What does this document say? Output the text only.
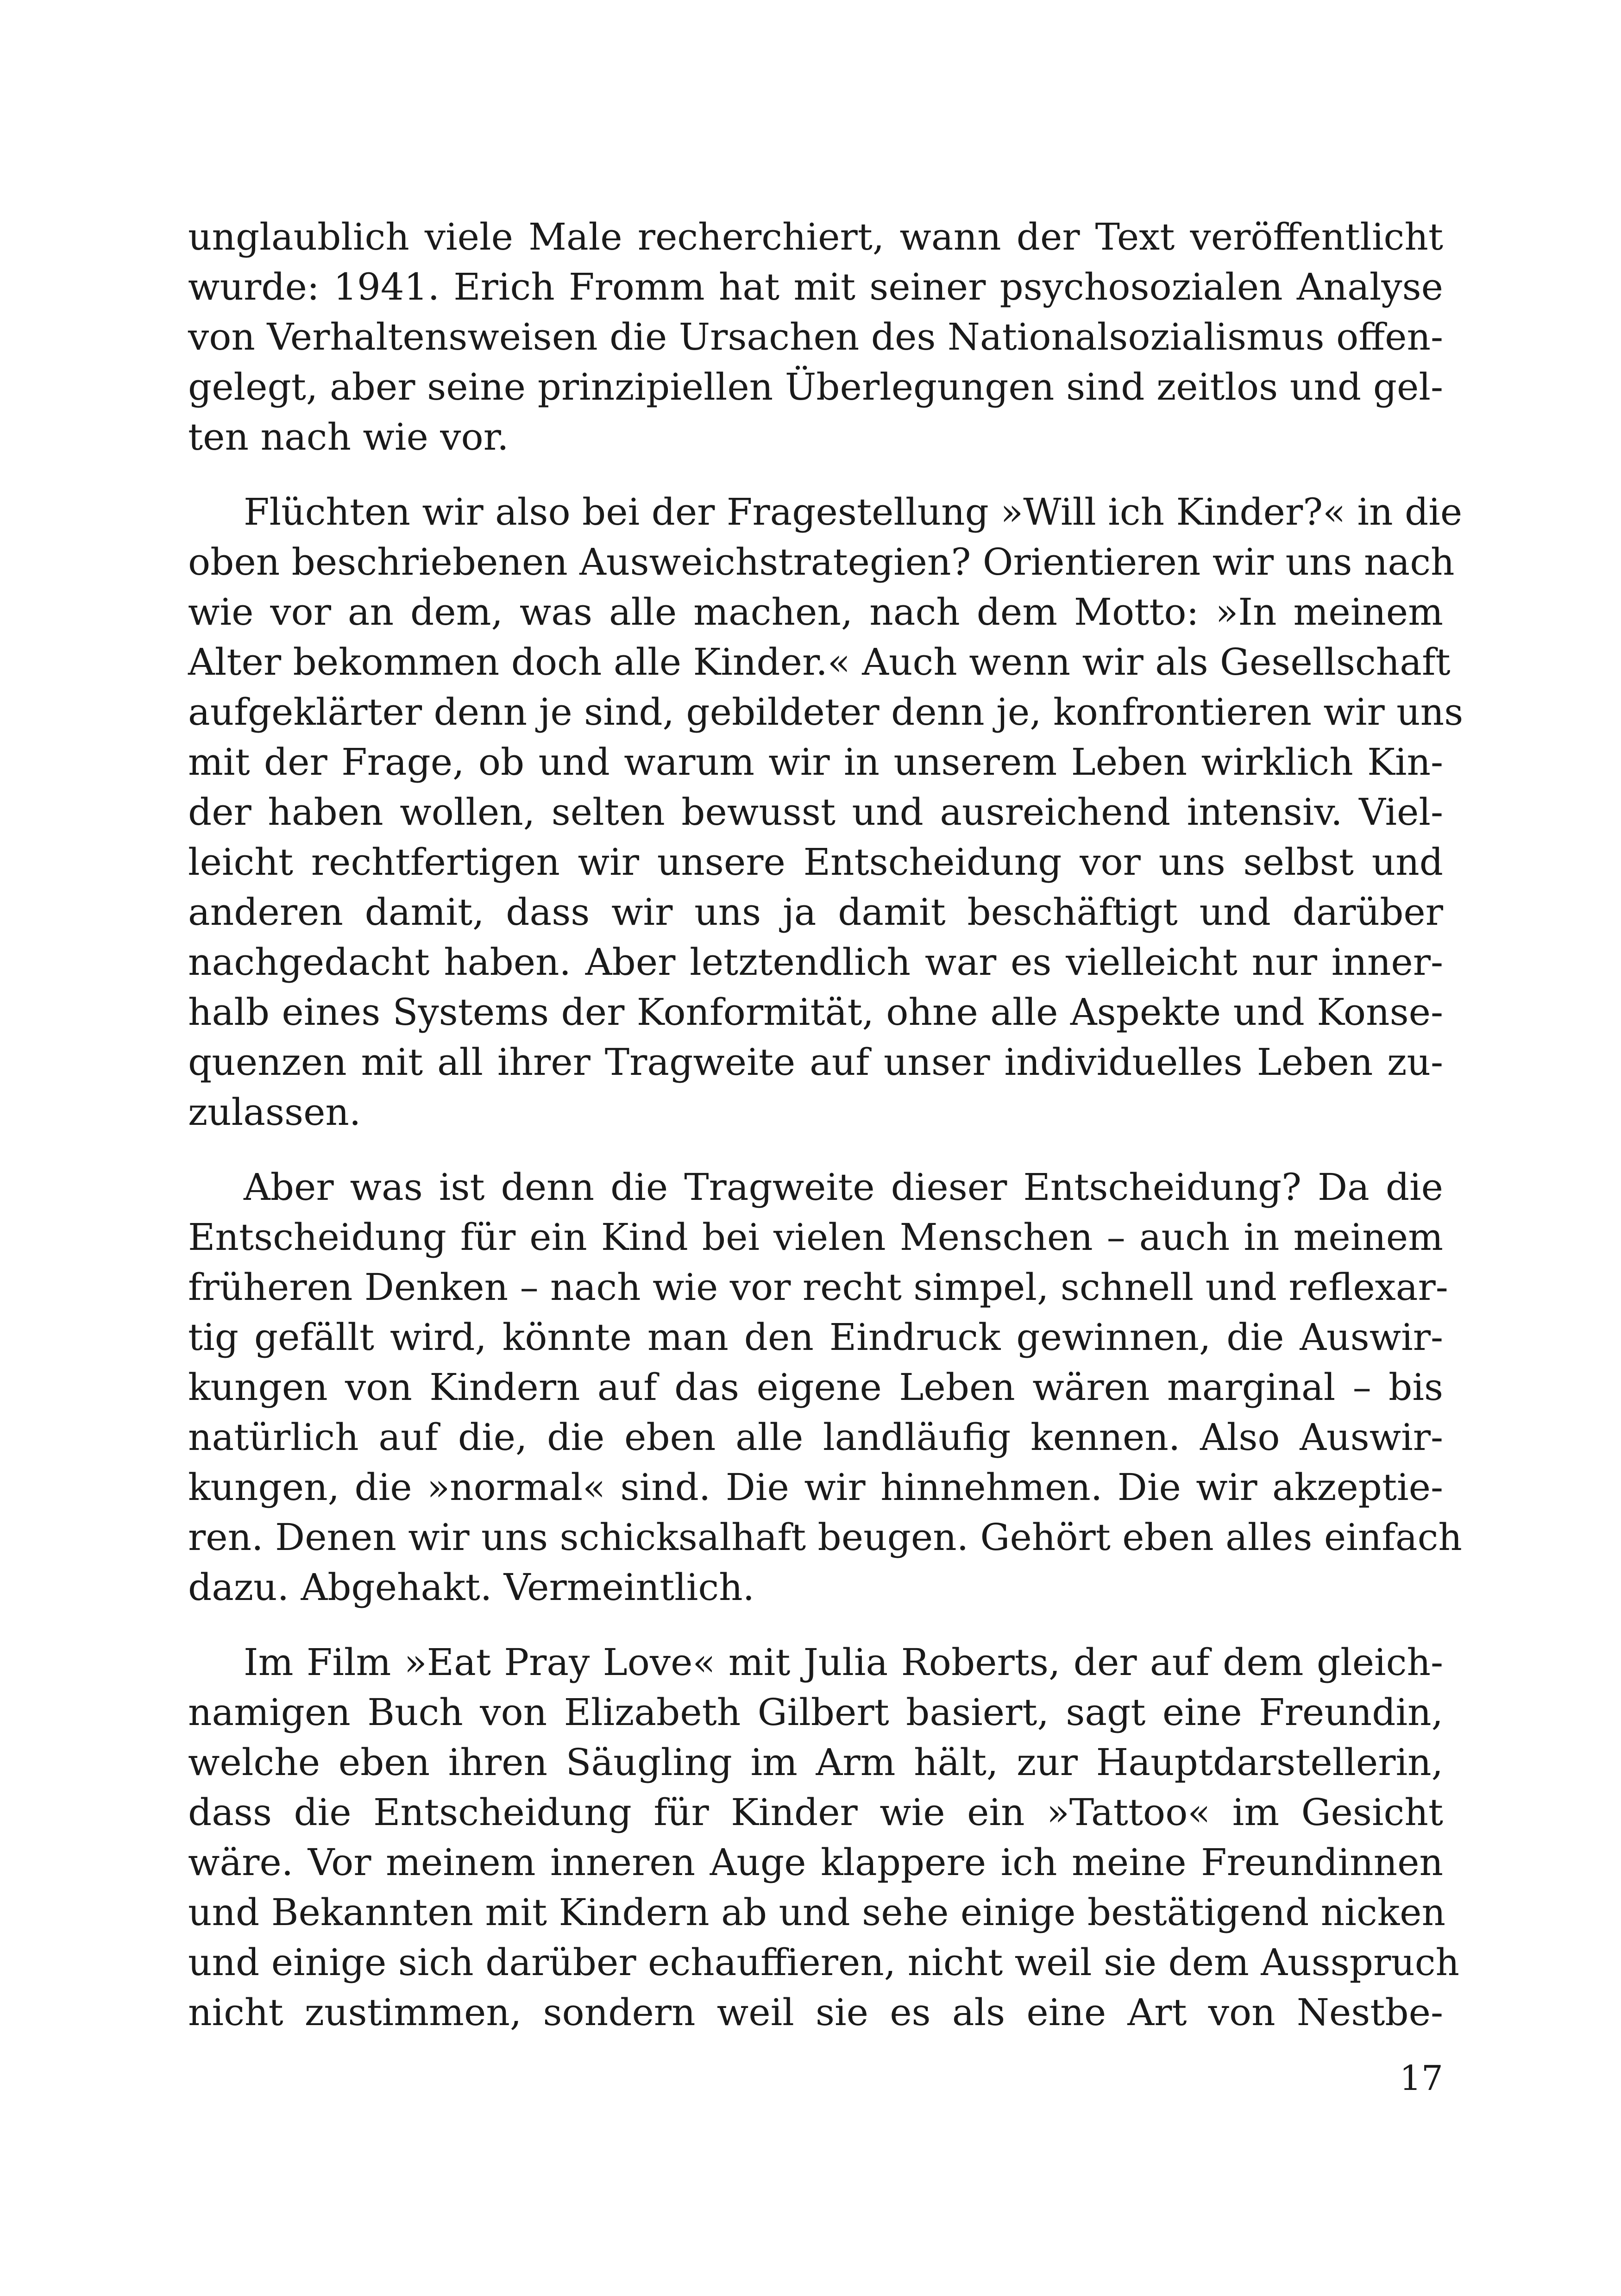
unglaublich viele Male recherchiert, wann der Text veröffentlicht
wurde: 1941. Erich Fromm hat mit seiner psychosozialen Analyse
von Verhaltensweisen die Ursachen des Nationalsozialismus offen-
gelegt, aber seine prinzipiellen Überlegungen sind zeitlos und gel-
ten nach wie vor.

Flüchten wir also bei der Fragestellung »Will ich Kinder?« in die
oben beschriebenen Ausweichstrategien? Orientieren wir uns nach
wie vor an dem, was alle machen, nach dem Motto: »In meinem
Alter bekommen doch alle Kinder.« Auch wenn wir als Gesellschaft
aufgeklärter denn je sind, gebildeter denn je, konfrontieren wir uns
mit der Frage, ob und warum wir in unserem Leben wirklich Kin-
der haben wollen, selten bewusst und ausreichend intensiv. Viel-
leicht rechtfertigen wir unsere Entscheidung vor uns selbst und
anderen damit, dass wir uns ja damit beschäftigt und darüber
nachgedacht haben. Aber letztendlich war es vielleicht nur inner-
halb eines Systems der Konformität, ohne alle Aspekte und Konse-
quenzen mit all ihrer Tragweite auf unser individuelles Leben zu-
zulassen.

Aber was ist denn die Tragweite dieser Entscheidung? Da die
Entscheidung für ein Kind bei vielen Menschen – auch in meinem
früheren Denken – nach wie vor recht simpel, schnell und reflexar-
tig gefällt wird, könnte man den Eindruck gewinnen, die Auswir-
kungen von Kindern auf das eigene Leben wären marginal – bis
natürlich auf die, die eben alle landläufig kennen. Also Auswir-
kungen, die »normal« sind. Die wir hinnehmen. Die wir akzeptie-
ren. Denen wir uns schicksalhaft beugen. Gehört eben alles einfach
dazu. Abgehakt. Vermeintlich.

Im Film »Eat Pray Love« mit Julia Roberts, der auf dem gleich-
namigen Buch von Elizabeth Gilbert basiert, sagt eine Freundin,
welche eben ihren Säugling im Arm hält, zur Hauptdarstellerin,
dass die Entscheidung für Kinder wie ein »Tattoo« im Gesicht
wäre. Vor meinem inneren Auge klappere ich meine Freundinnen
und Bekannten mit Kindern ab und sehe einige bestätigend nicken
und einige sich darüber echauffieren, nicht weil sie dem Ausspruch
nicht zustimmen, sondern weil sie es als eine Art von Nestbe-

17
